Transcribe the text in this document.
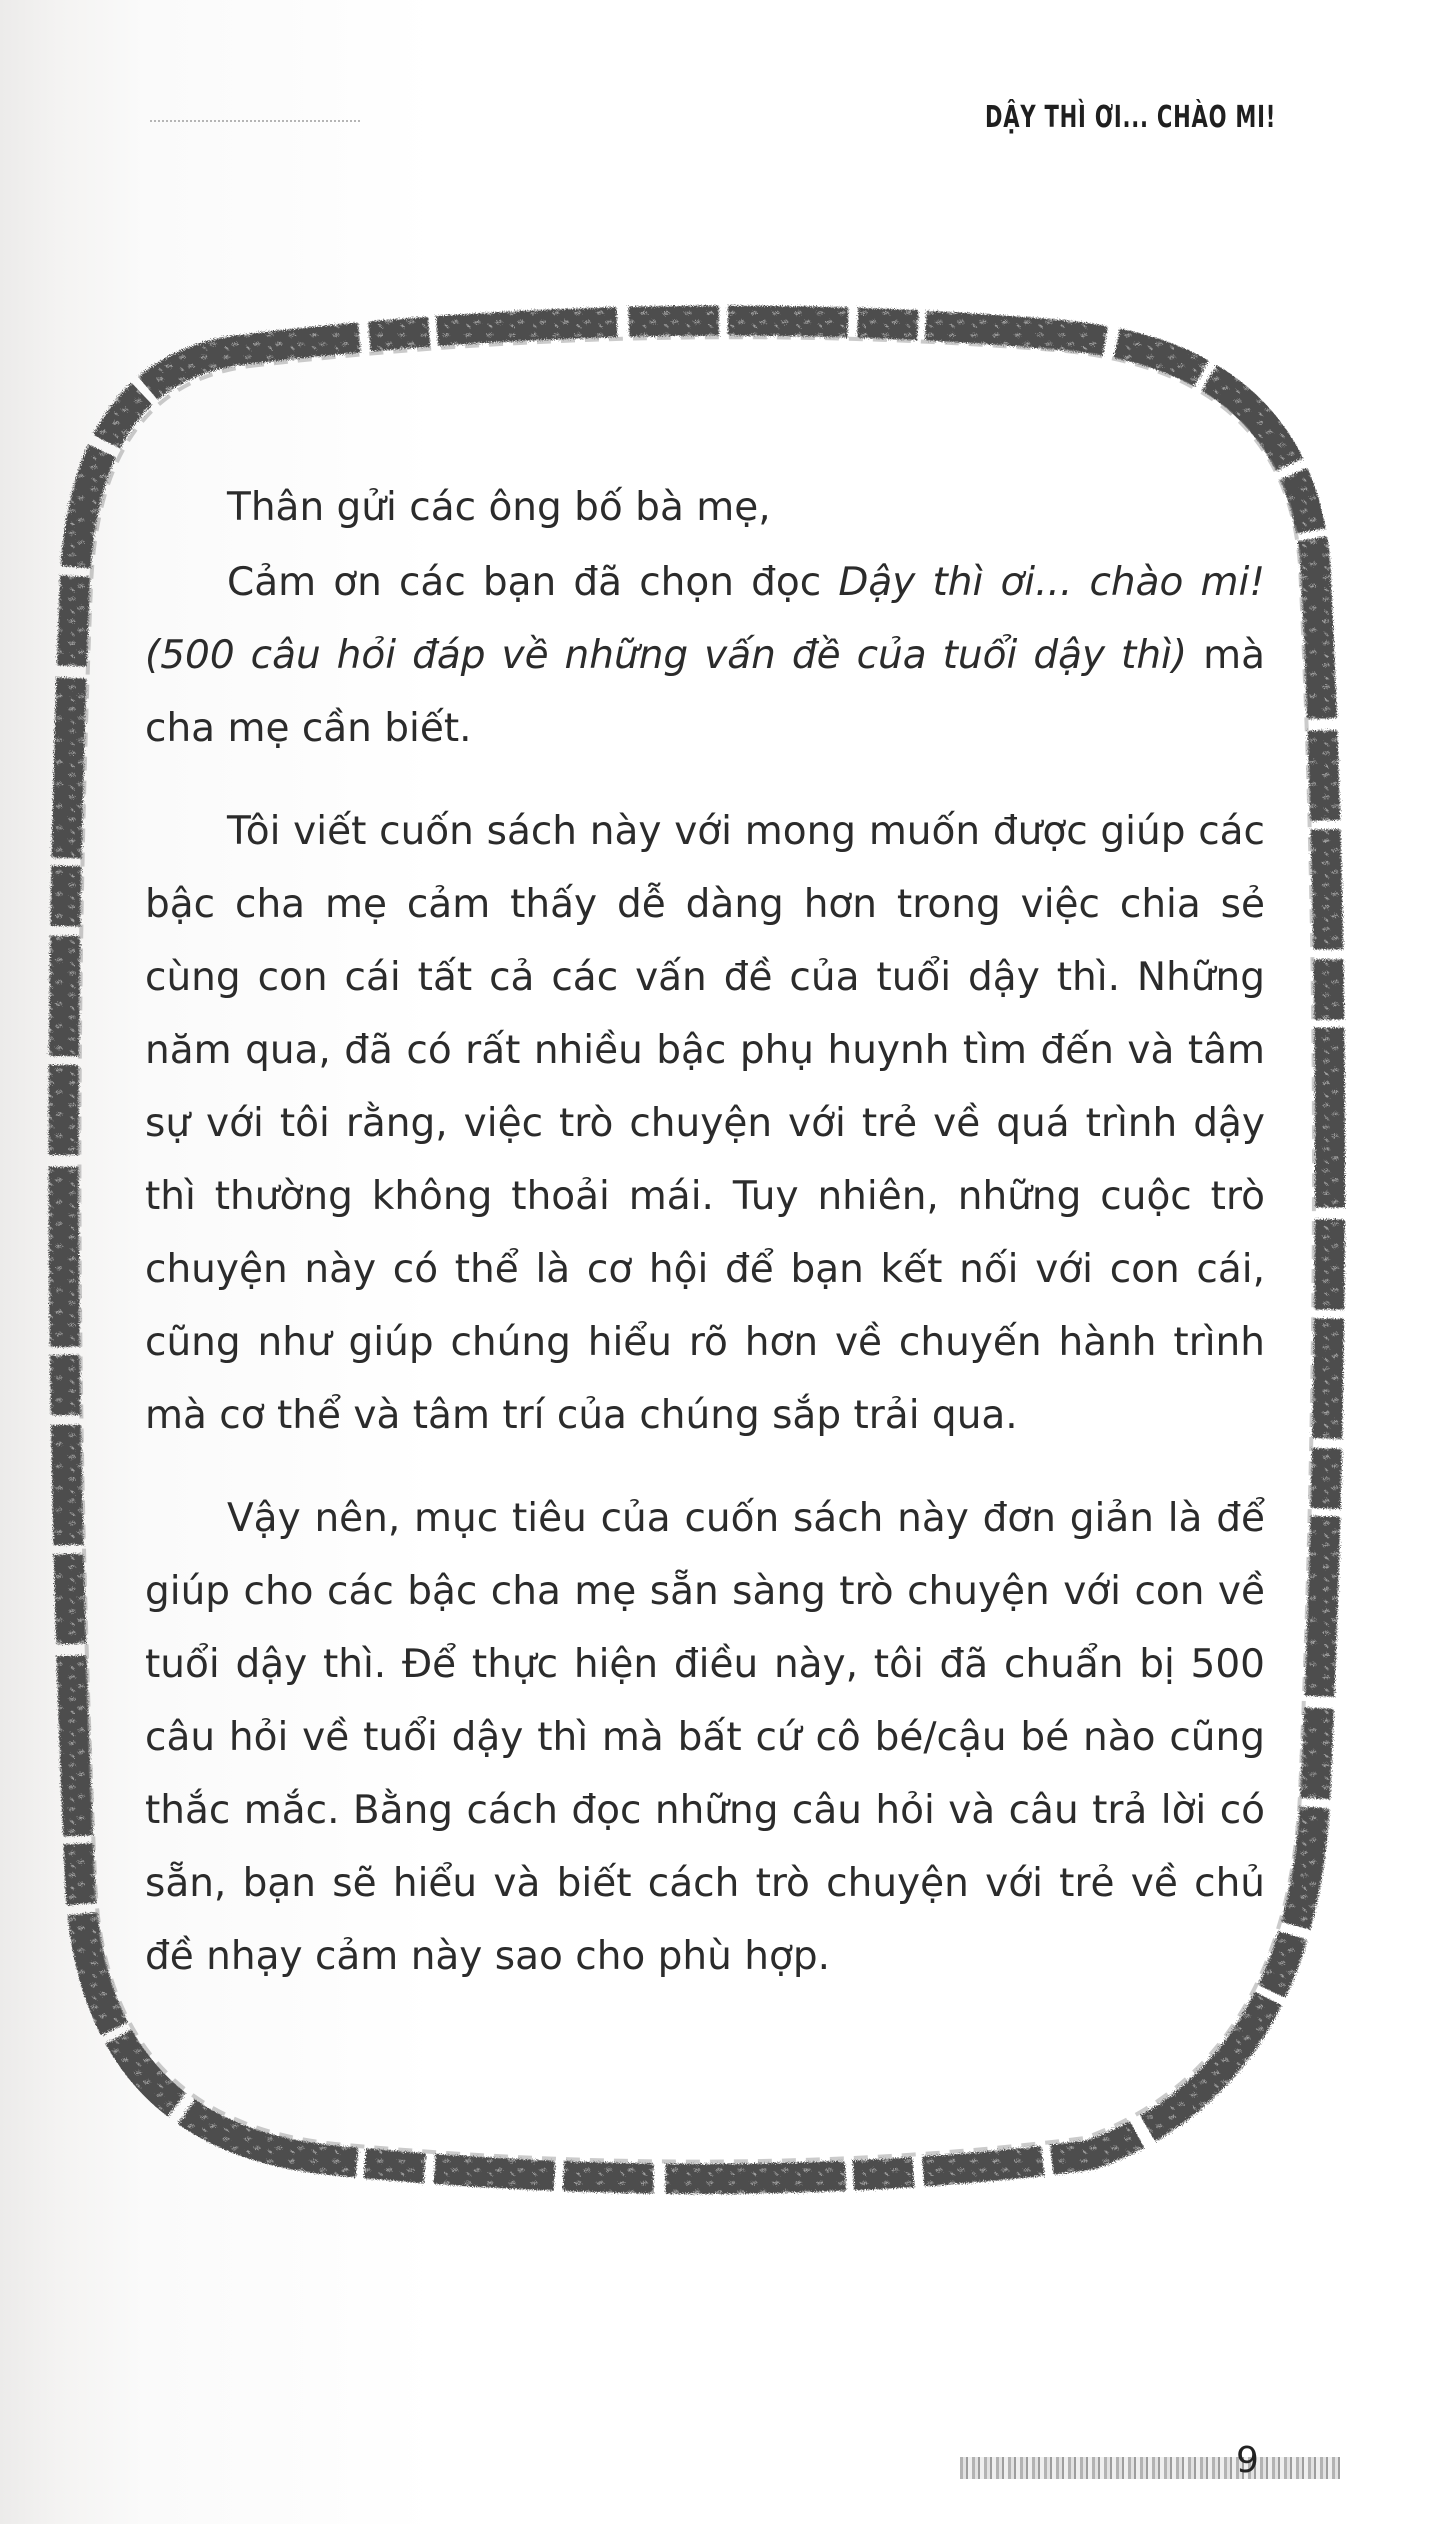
DẬY THÌ ƠI... CHÀO MI!

Thân gửi các ông bố bà mẹ,

Cảm ơn các bạn đã chọn đọc Dậy thì ơi... chào mi! (500 câu hỏi đáp về những vấn đề của tuổi dậy thì) mà cha mẹ cần biết.

Tôi viết cuốn sách này với mong muốn được giúp các bậc cha mẹ cảm thấy dễ dàng hơn trong việc chia sẻ cùng con cái tất cả các vấn đề của tuổi dậy thì. Những năm qua, đã có rất nhiều bậc phụ huynh tìm đến và tâm sự với tôi rằng, việc trò chuyện với trẻ về quá trình dậy thì thường không thoải mái. Tuy nhiên, những cuộc trò chuyện này có thể là cơ hội để bạn kết nối với con cái, cũng như giúp chúng hiểu rõ hơn về chuyến hành trình mà cơ thể và tâm trí của chúng sắp trải qua.

Vậy nên, mục tiêu của cuốn sách này đơn giản là để giúp cho các bậc cha mẹ sẵn sàng trò chuyện với con về tuổi dậy thì. Để thực hiện điều này, tôi đã chuẩn bị 500 câu hỏi về tuổi dậy thì mà bất cứ cô bé/cậu bé nào cũng thắc mắc. Bằng cách đọc những câu hỏi và câu trả lời có sẵn, bạn sẽ hiểu và biết cách trò chuyện với trẻ về chủ đề nhạy cảm này sao cho phù hợp.

9
